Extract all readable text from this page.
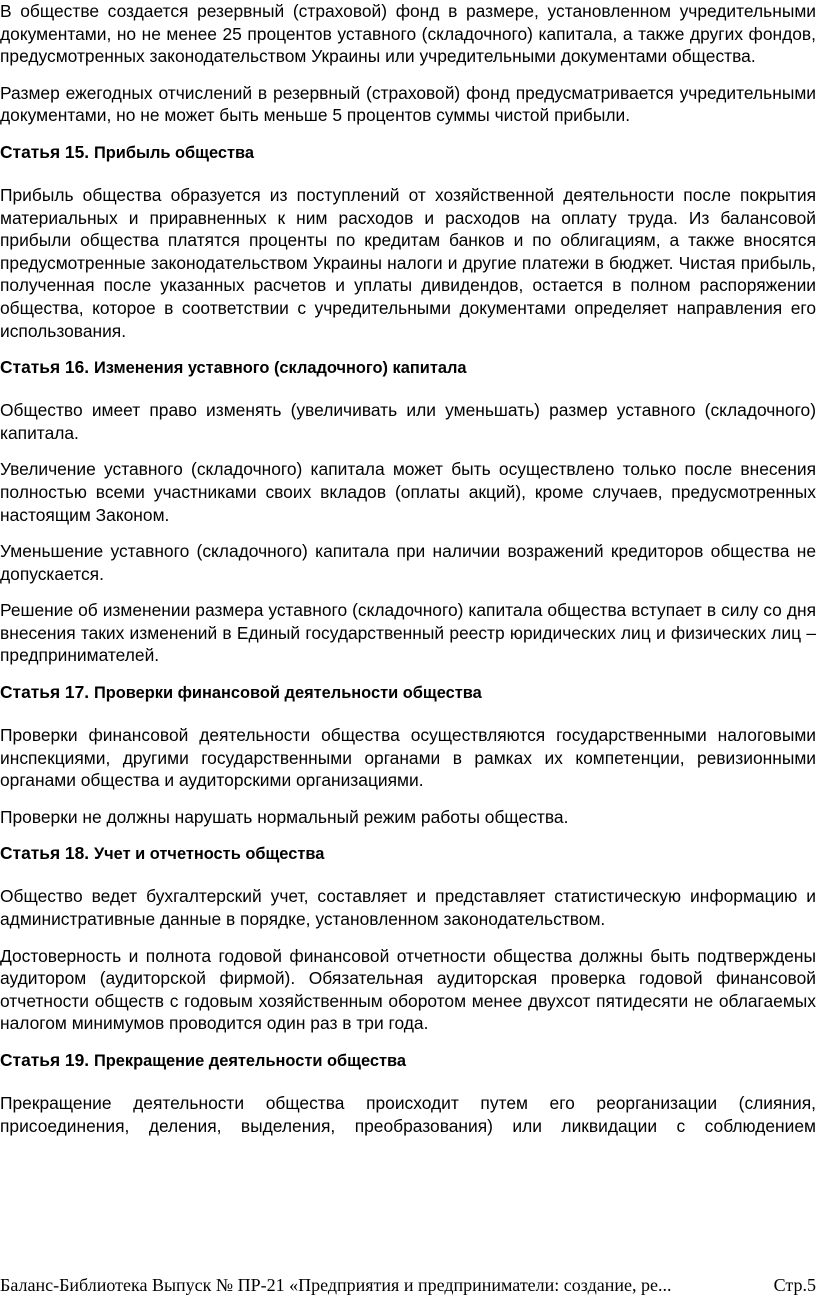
В обществе создается резервный (страховой) фонд в размере, установленном учредительными документами, но не менее 25 процентов уставного (складочного) капитала, а также других фондов, предусмотренных законодательством Украины или учредительными документами общества.

Размер ежегодных отчислений в резервный (страховой) фонд предусматривается учредительными документами, но не может быть меньше 5 процентов суммы чистой прибыли.

Статья 15. Прибыль общества

Прибыль общества образуется из поступлений от хозяйственной деятельности после покрытия материальных и приравненных к ним расходов и расходов на оплату труда. Из балансовой прибыли общества платятся проценты по кредитам банков и по облигациям, а также вносятся предусмотренные законодательством Украины налоги и другие платежи в бюджет. Чистая прибыль, полученная после указанных расчетов и уплаты дивидендов, остается в полном распоряжении общества, которое в соответствии с учредительными документами определяет направления его использования.

Статья 16. Изменения уставного (складочного) капитала

Общество имеет право изменять (увеличивать или уменьшать) размер уставного (складочного) капитала.

Увеличение уставного (складочного) капитала может быть осуществлено только после внесения полностью всеми участниками своих вкладов (оплаты акций), кроме случаев, предусмотренных настоящим Законом.

Уменьшение уставного (складочного) капитала при наличии возражений кредиторов общества не допускается.

Решение об изменении размера уставного (складочного) капитала общества вступает в силу со дня внесения таких изменений в Единый государственный реестр юридических лиц и физических лиц – предпринимателей.

Статья 17. Проверки финансовой деятельности общества

Проверки финансовой деятельности общества осуществляются государственными налоговыми инспекциями, другими государственными органами в рамках их компетенции, ревизионными органами общества и аудиторскими организациями.

Проверки не должны нарушать нормальный режим работы общества.

Статья 18. Учет и отчетность общества

Общество ведет бухгалтерский учет, составляет и представляет статистическую информацию и административные данные в порядке, установленном законодательством.

Достоверность и полнота годовой финансовой отчетности общества должны быть подтверждены аудитором (аудиторской фирмой). Обязательная аудиторская проверка годовой финансовой отчетности обществ с годовым хозяйственным оборотом менее двухсот пятидесяти не облагаемых налогом минимумов проводится один раз в три года.

Статья 19. Прекращение деятельности общества

Прекращение деятельности общества происходит путем его реорганизации (слияния, присоединения, деления, выделения, преобразования) или ликвидации с соблюдением

Баланс-Библиотека Выпуск № ПР-21 «Предприятия и предприниматели: создание, ре...	Стр.5
